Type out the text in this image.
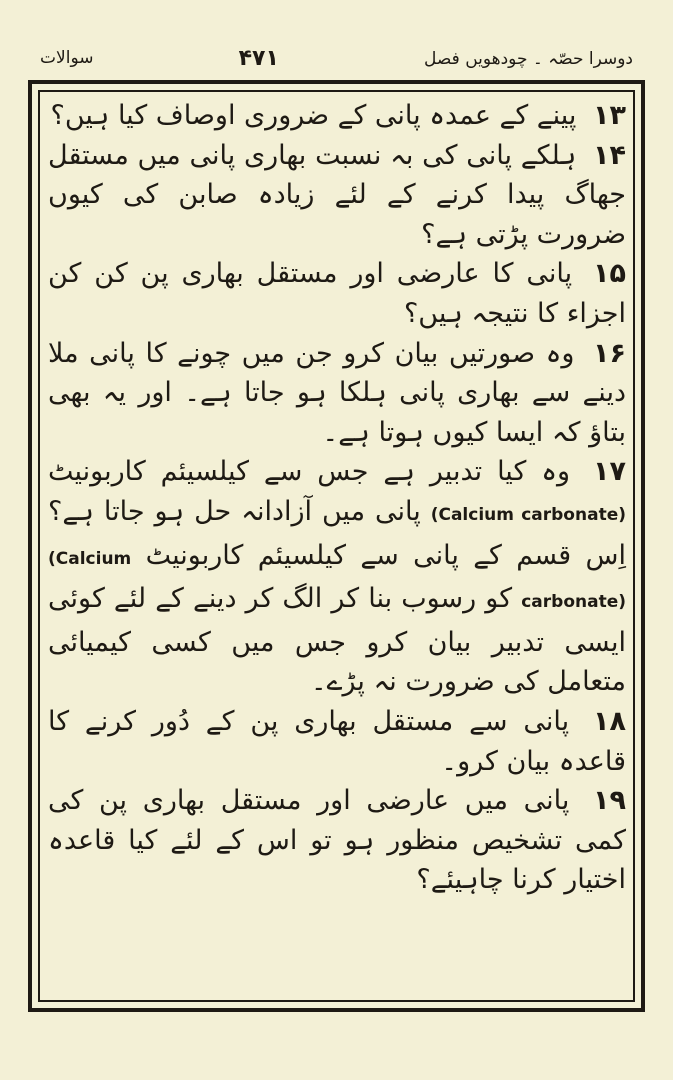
دوسرا حصّہ ۔ چودھویں فصل
۴۷۱
سوالات

۱۳ پینے کے عمدہ پانی کے ضروری اوصاف کیا ہیں؟

۱۴ ہلکے پانی کی بہ نسبت بھاری پانی میں مستقل جھاگ پیدا کرنے کے لئے زیادہ صابن کی کیوں ضرورت پڑتی ہے؟

۱۵ پانی کا عارضی اور مستقل بھاری پن کن کن اجزاء کا نتیجہ ہیں؟

۱۶ وہ صورتیں بیان کرو جن میں چونے کا پانی ملا دینے سے بھاری پانی ہلکا ہو جاتا ہے۔ اور یہ بھی بتاؤ کہ ایسا کیوں ہوتا ہے۔

۱۷ وہ کیا تدبیر ہے جس سے کیلسیئم کاربونیٹ (Calcium carbonate) پانی میں آزادانہ حل ہو جاتا ہے؟ اِس قسم کے پانی سے کیلسیئم کاربونیٹ (Calcium carbonate) کو رسوب بنا کر الگ کر دینے کے لئے کوئی ایسی تدبیر بیان کرو جس میں کسی کیمیائی متعامل کی ضرورت نہ پڑے۔

۱۸ پانی سے مستقل بھاری پن کے دُور کرنے کا قاعدہ بیان کرو۔

۱۹ پانی میں عارضی اور مستقل بھاری پن کی کمی تشخیص منظور ہو تو اس کے لئے کیا قاعدہ اختیار کرنا چاہیئے؟
